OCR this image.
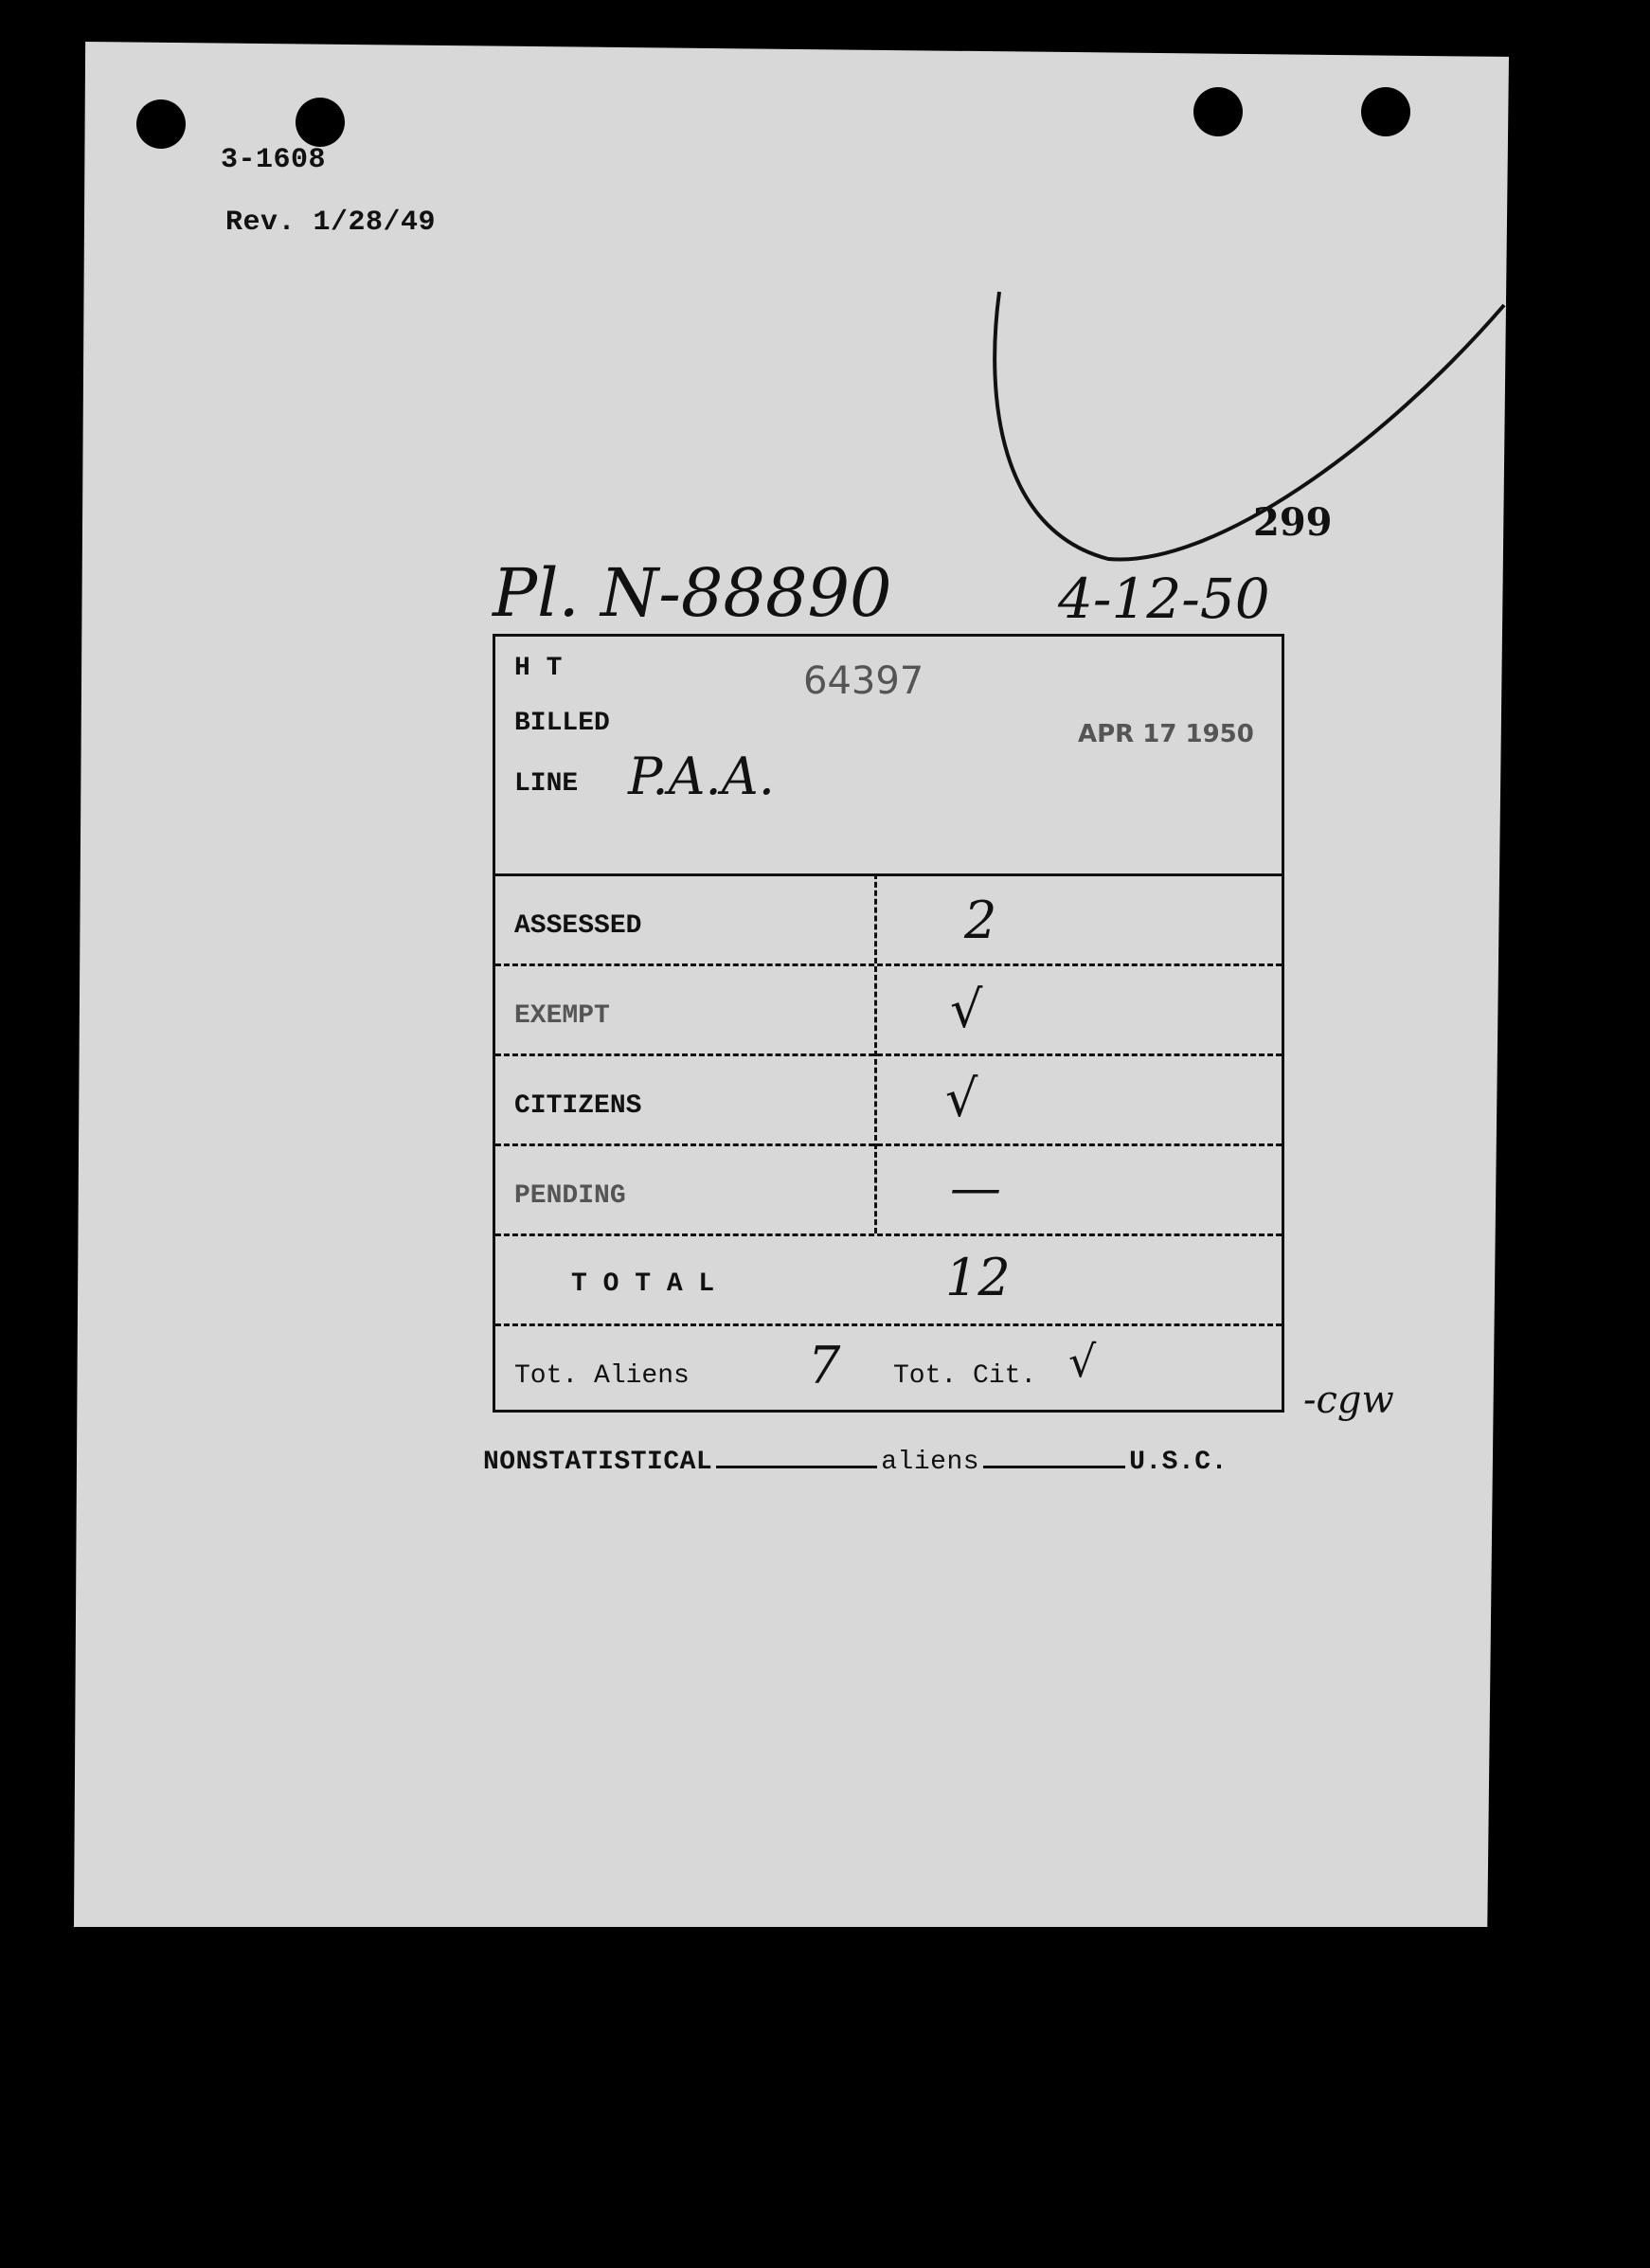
3-1608
Rev. 1/28/49
299
Pl. N-88890	4-12-50
H T	64397
BILLED	APR 17 1950
LINE P.A.A.
ASSESSED	2
EXEMPT	√
CITIZENS	√
PENDING	—
T O T A L	12
Tot. Aliens 7 Tot. Cit. √
-cgw
NONSTATISTICAL	aliens	U.S.C.
